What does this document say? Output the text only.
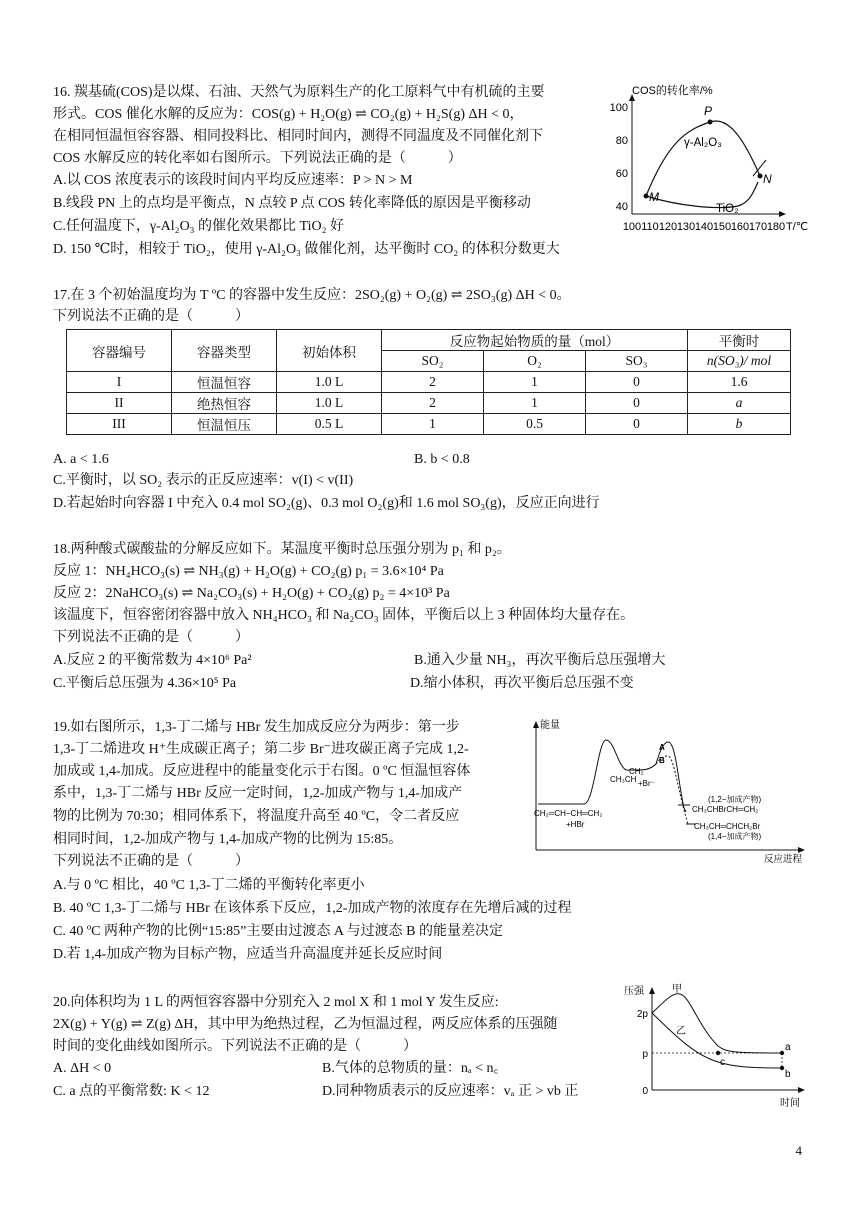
16. 羰基硫(COS)是以煤、石油、天然气为原料生产的化工原料气中有机硫的主要
形式。COS 催化水解的反应为：COS(g) + H₂O(g) ⇌ CO₂(g) + H₂S(g) ΔH < 0，
在相同恒温恒容容器、相同投料比、相同时间内，测得不同温度及不同催化剂下
COS 水解反应的转化率如右图所示。下列说法正确的是（　　　）
A.以 COS 浓度表示的该段时间内平均反应速率：P > N > M
B.线段 PN 上的点均是平衡点，N 点较 P 点 COS 转化率降低的原因是平衡移动
C.任何温度下，γ-Al₂O₃ 的催化效果都比 TiO₂ 好
D. 150 ℃时，相较于 TiO₂，使用 γ-Al₂O₃ 做催化剂，达平衡时 CO₂ 的体积分数更大
COS的转化率/%
T/℃
100
80
60
40
100 110 120 130 140 150 160 170 180
P
M
N
γ-Al₂O₃
TiO₂
17.在 3 个初始温度均为 T ºC 的容器中发生反应：2SO₂(g) + O₂(g) ⇌ 2SO₃(g) ΔH < 0。
下列说法不正确的是（　　　）
容器编号	容器类型	初始体积	反应物起始物质的量（mol）			平衡时
			SO₂	O₂	SO₃	n(SO₃)/ mol
I	恒温恒容	1.0 L	2	1	0	1.6
II	绝热恒容	1.0 L	2	1	0	a
III	恒温恒压	0.5 L	1	0.5	0	b
A. a < 1.6	B. b < 0.8
C.平衡时，以 SO₂ 表示的正反应速率：v(I) < v(II)
D.若起始时向容器 I 中充入 0.4 mol SO₂(g)、0.3 mol O₂(g)和 1.6 mol SO₃(g)，反应正向进行
18.两种酸式碳酸盐的分解反应如下。某温度平衡时总压强分别为 p₁ 和 p₂。
反应 1：NH₄HCO₃(s) ⇌ NH₃(g) + H₂O(g) + CO₂(g) p₁ = 3.6×10⁴ Pa
反应 2：2NaHCO₃(s) ⇌ Na₂CO₃(s) + H₂O(g) + CO₂(g) p₂ = 4×10³ Pa
该温度下，恒容密闭容器中放入 NH₄HCO₃ 和 Na₂CO₃ 固体，平衡后以上 3 种固体均大量存在。
下列说法不正确的是（　　　）
A.反应 2 的平衡常数为 4×10⁶ Pa²	B.通入少量 NH₃，再次平衡后总压强增大
C.平衡后总压强为 4.36×10⁵ Pa	D.缩小体积，再次平衡后总压强不变
19.如右图所示，1,3-丁二烯与 HBr 发生加成反应分为两步：第一步
1,3-丁二烯进攻 H⁺生成碳正离子；第二步 Br⁻进攻碳正离子完成 1,2-
加成或 1,4-加成。反应进程中的能量变化示于右图。0 ºC 恒温恒容体
系中，1,3-丁二烯与 HBr 反应一定时间，1,2-加成产物与 1,4-加成产
物的比例为 70:30；相同体系下，将温度升高至 40 ºC，令二者反应
相同时间，1,2-加成产物与 1,4-加成产物的比例为 15:85。
下列说法不正确的是（　　　）
A.与 0 ºC 相比，40 ºC 1,3-丁二烯的平衡转化率更小
B. 40 ºC 1,3-丁二烯与 HBr 在该体系下反应，1,2-加成产物的浓度存在先增后减的过程
C. 40 ºC 两种产物的比例“15:85”主要由过渡态 A 与过渡态 B 的能量差决定
D.若 1,4-加成产物为目标产物，应适当升高温度并延长反应时间
能量
反应进程
A
B
CH₂═CH−CH═CH₂
+HBr
CH₃CH
CH₂
+Br⁻
(1,2−加成产物)
CH₃CHBrCH═CH₂
CH₃CH═CHCH₂Br
(1,4−加成产物)
20.向体积均为 1 L 的两恒容容器中分别充入 2 mol X 和 1 mol Y 发生反应:
2X(g) + Y(g) ⇌ Z(g) ΔH，其中甲为绝热过程，乙为恒温过程，两反应体系的压强随
时间的变化曲线如图所示。下列说法不正确的是（　　　）
A. ΔH < 0	B.气体的总物质的量：nₐ < n꜀
C. a 点的平衡常数: K < 12	D.同种物质表示的反应速率：vₐ 正 > vb 正
压强
时间
2p
p
0
甲
乙
a
b
c
4
